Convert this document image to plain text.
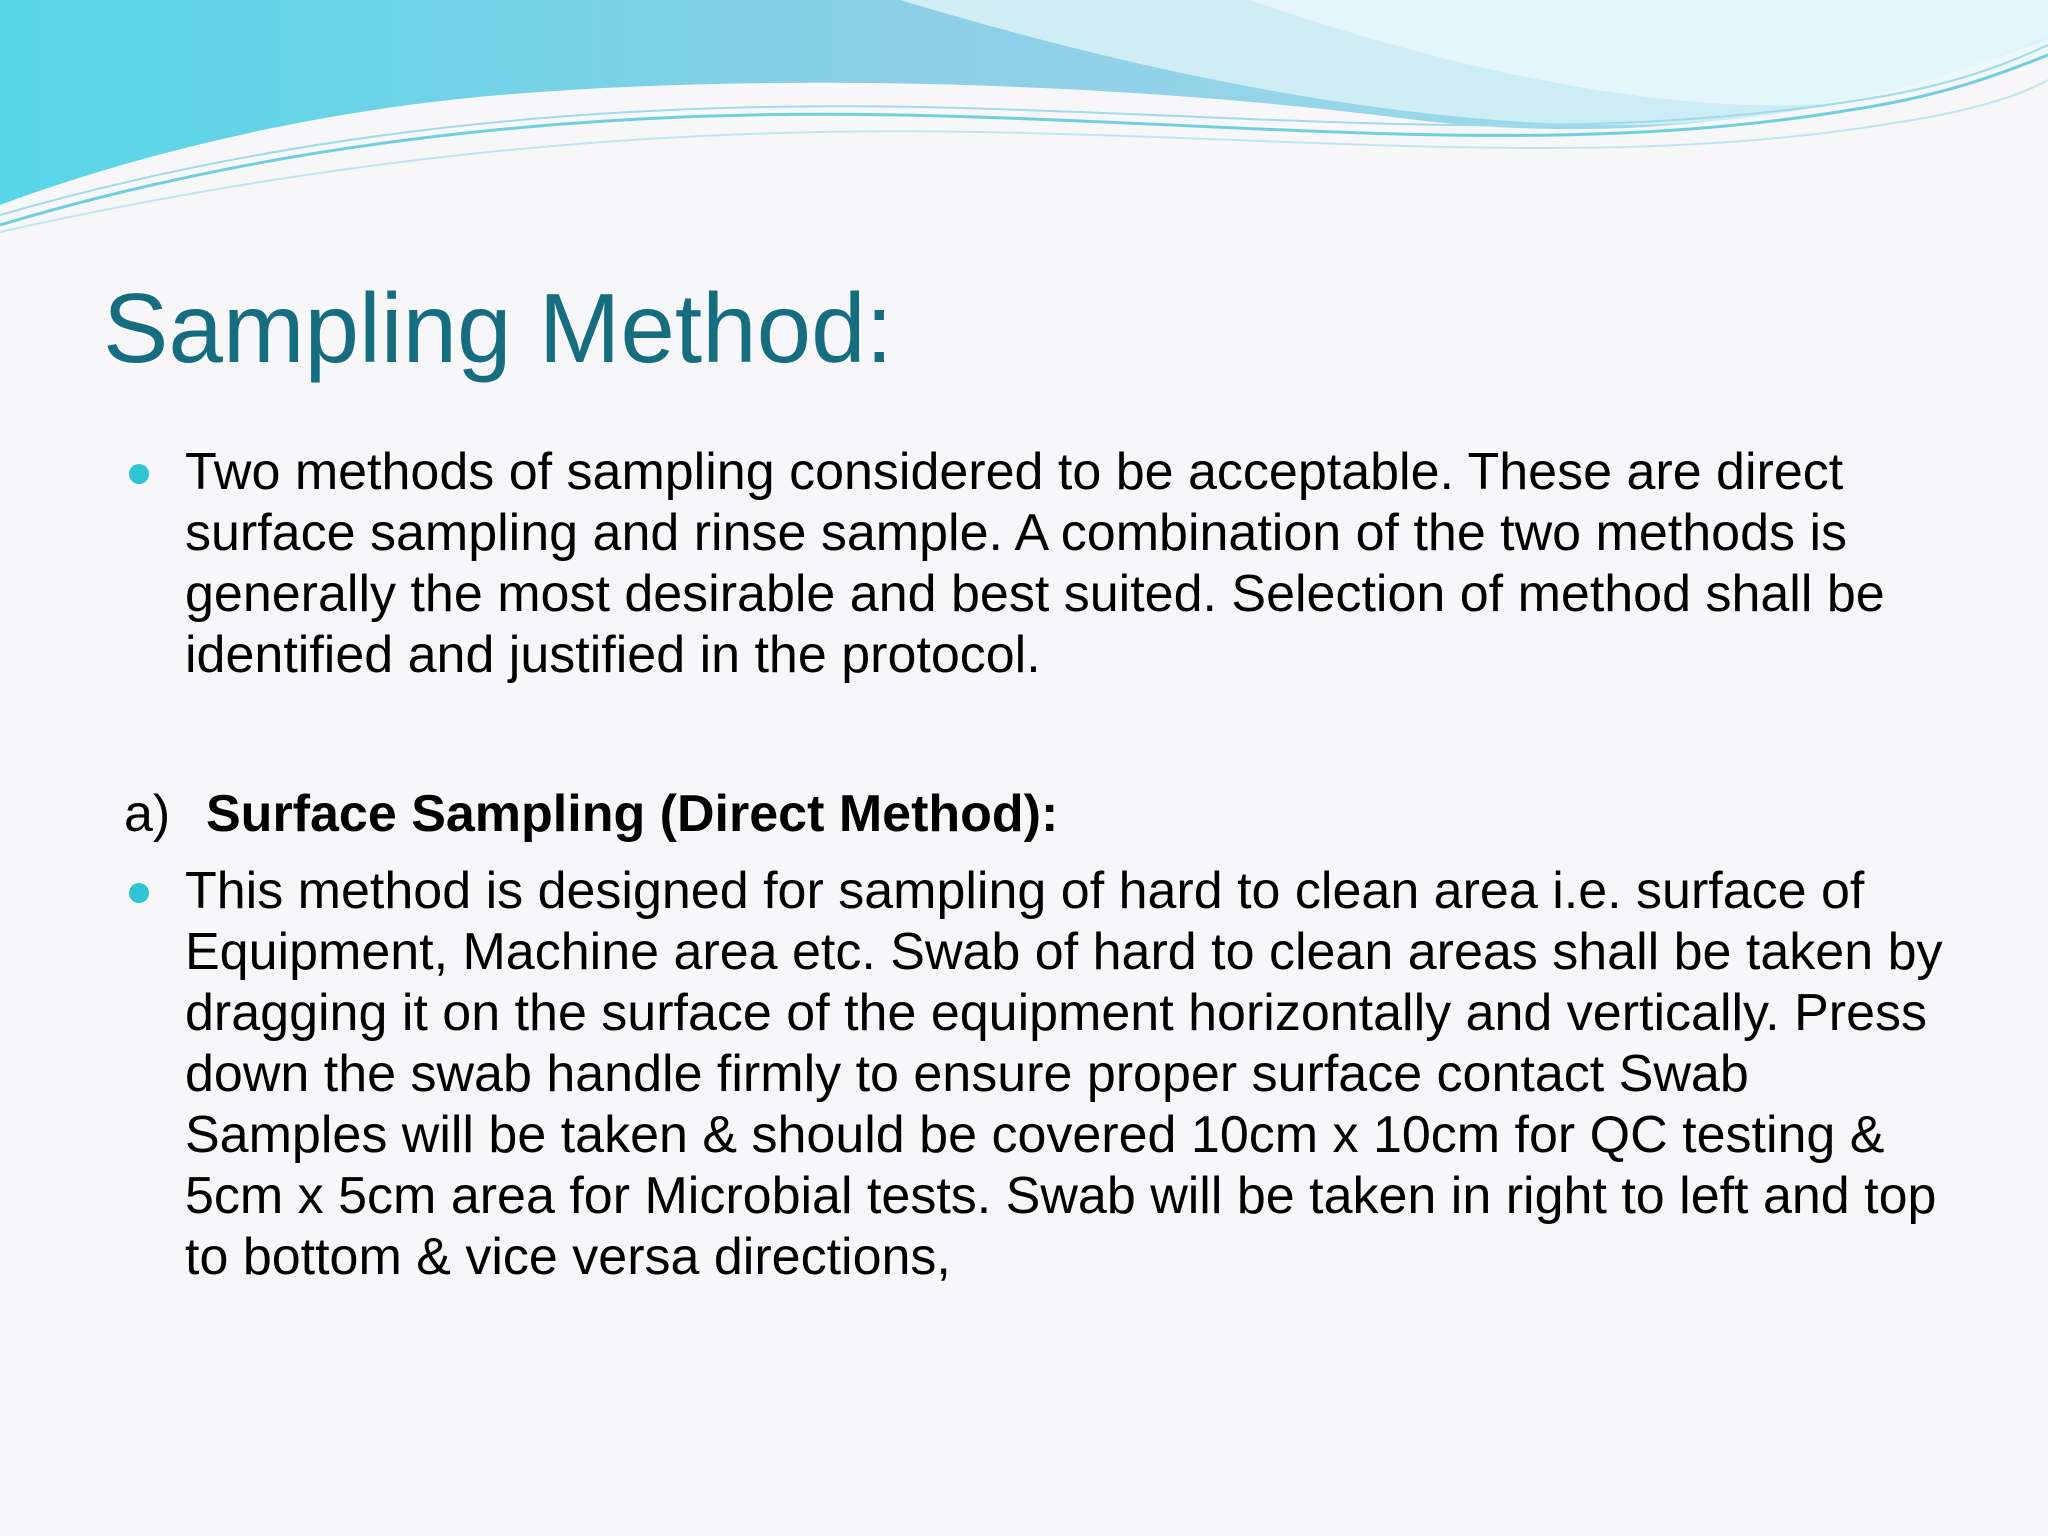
Sampling Method:

Two methods of sampling considered to be acceptable. These are direct surface sampling and rinse sample. A combination of the two methods is generally the most desirable and best suited. Selection of method shall be identified and justified in the protocol.

a) Surface Sampling (Direct Method):

This method is designed for sampling of hard to clean area i.e. surface of Equipment, Machine area etc. Swab of hard to clean areas shall be taken by dragging it on the surface of the equipment horizontally and vertically. Press down the swab handle firmly to ensure proper surface contact Swab Samples will be taken & should be covered 10cm x 10cm for QC testing & 5cm x 5cm area for Microbial tests. Swab will be taken in right to left and top to bottom & vice versa directions,
